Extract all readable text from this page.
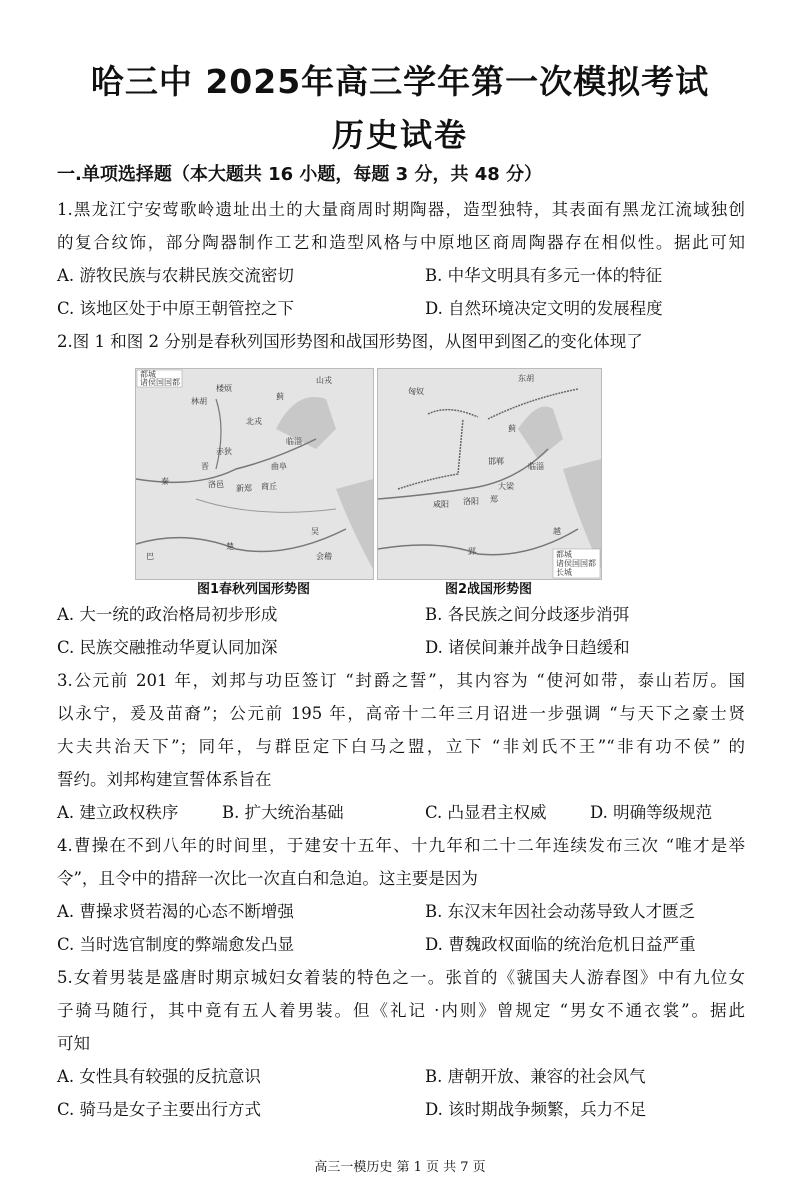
哈三中 2025年高三学年第一次模拟考试
历史试卷
一.单项选择题（本大题共 16 小题，每题 3 分，共 48 分）
1.黑龙江宁安莺歌岭遗址出土的大量商周时期陶器，造型独特，其表面有黑龙江流域独创
的复合纹饰，部分陶器制作工艺和造型风格与中原地区商周陶器存在相似性。据此可知
A. 游牧民族与农耕民族交流密切	B. 中华文明具有多元一体的特征
C. 该地区处于中原王朝管控之下	D. 自然环境决定文明的发展程度
2.图 1 和图 2 分别是春秋列国形势图和战国形势图，从图甲到图乙的变化体现了
都城
诸侯国国都	山戎
林胡
楼烦
北戎
蓟
赤狄
临淄
晋	曲阜
洛邑
秦
新郑 商丘
楚
吴
会稽
巴
东胡
匈奴
蓟
邯郸
临淄
大梁
郑
洛阳
咸阳
郢
越
都城
诸侯国国都
长城
图1春秋列国形势图	图2战国形势图
A. 大一统的政治格局初步形成	B. 各民族之间分歧逐步消弭
C. 民族交融推动华夏认同加深	D. 诸侯间兼并战争日趋缓和
3.公元前 201 年，刘邦与功臣签订 “封爵之誓”，其内容为 “使河如带，泰山若厉。国
以永宁，爰及苗裔”；公元前 195 年，高帝十二年三月诏进一步强调 “与天下之豪士贤
大夫共治天下”；同年，与群臣定下白马之盟，立下 “非刘氏不王”“非有功不侯” 的
誓约。刘邦构建宣誓体系旨在
A. 建立政权秩序	B. 扩大统治基础	C. 凸显君主权威	D. 明确等级规范
4.曹操在不到八年的时间里，于建安十五年、十九年和二十二年连续发布三次 “唯才是举
令”，且令中的措辞一次比一次直白和急迫。这主要是因为
A. 曹操求贤若渴的心态不断增强	B. 东汉末年因社会动荡导致人才匮乏
C. 当时选官制度的弊端愈发凸显	D. 曹魏政权面临的统治危机日益严重
5.女着男装是盛唐时期京城妇女着装的特色之一。张首的《虢国夫人游春图》中有九位女
子骑马随行，其中竟有五人着男装。但《礼记 ·内则》曾规定 “男女不通衣裳”。据此
可知
A. 女性具有较强的反抗意识	B. 唐朝开放、兼容的社会风气
C. 骑马是女子主要出行方式	D. 该时期战争频繁，兵力不足
高三一模历史 第 1 页 共 7 页
